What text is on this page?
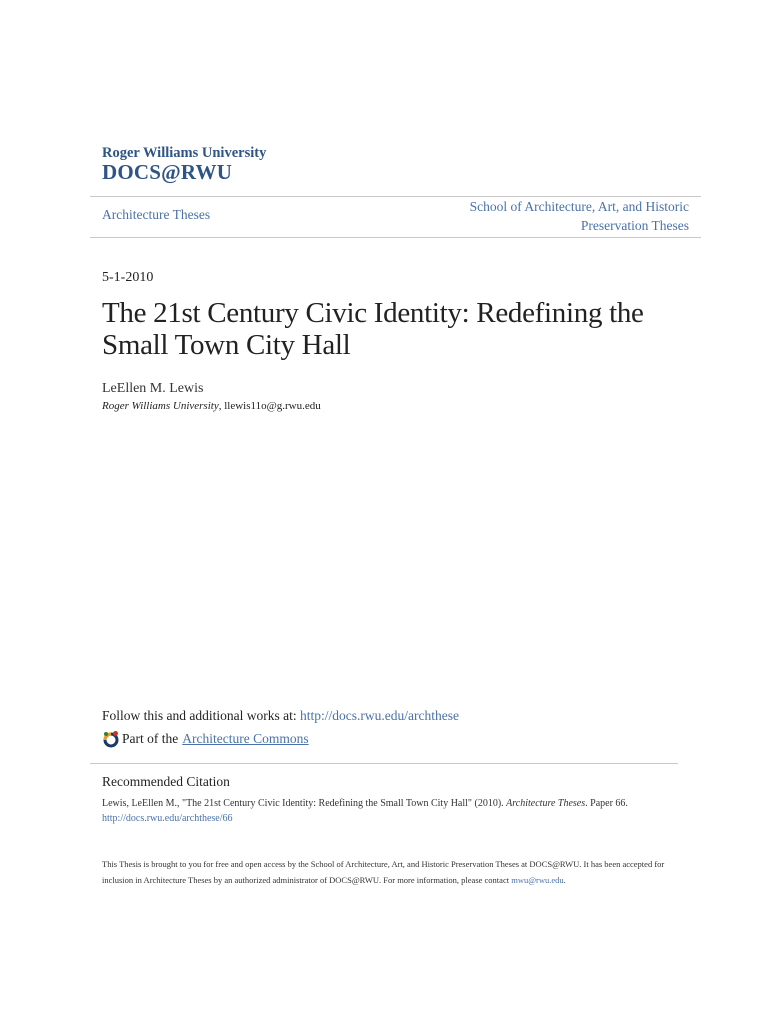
Roger Williams University
DOCS@RWU
Architecture Theses
School of Architecture, Art, and Historic
Preservation Theses
5-1-2010
The 21st Century Civic Identity: Redefining the
Small Town City Hall
LeEllen M. Lewis
Roger Williams University, llewis11o@g.rwu.edu
Follow this and additional works at: http://docs.rwu.edu/archthese
Part of the Architecture Commons
Recommended Citation
Lewis, LeEllen M., "The 21st Century Civic Identity: Redefining the Small Town City Hall" (2010). Architecture Theses. Paper 66.
http://docs.rwu.edu/archthese/66
This Thesis is brought to you for free and open access by the School of Architecture, Art, and Historic Preservation Theses at DOCS@RWU. It has been accepted for inclusion in Architecture Theses by an authorized administrator of DOCS@RWU. For more information, please contact mwu@rwu.edu.
